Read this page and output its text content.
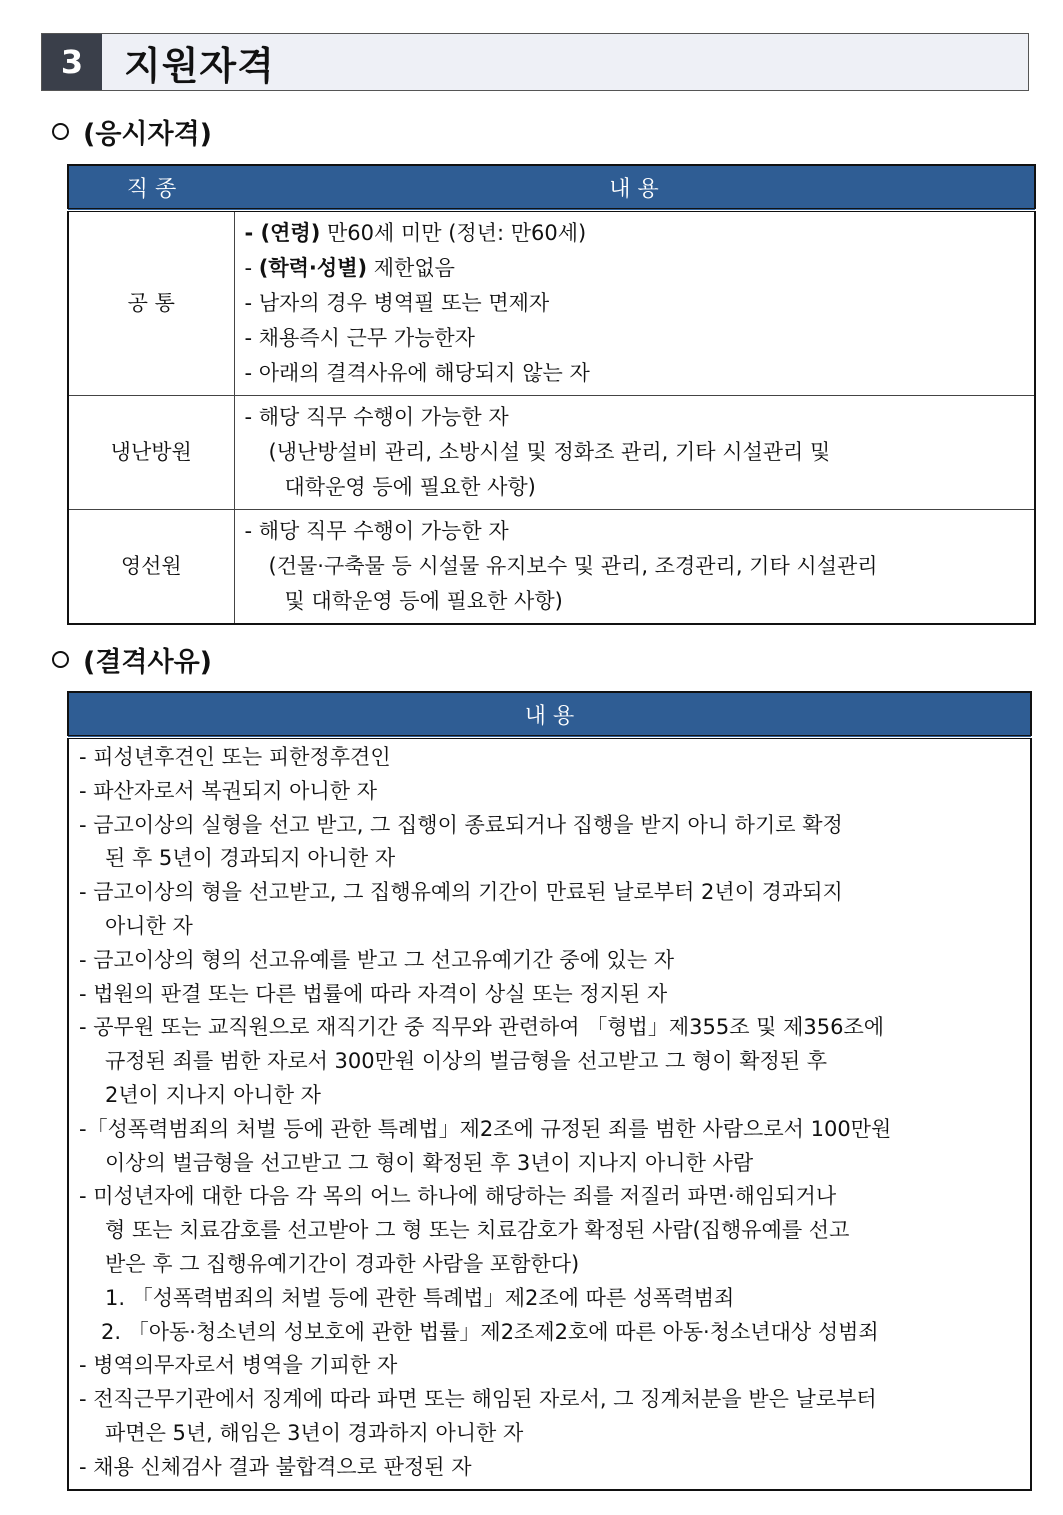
3	지원자격
(응시자격)
직 종	내 용
공 통	- (연령) 만60세 미만 (정년: 만60세)
- (학력·성별) 제한없음
- 남자의 경우 병역필 또는 면제자
- 채용즉시 근무 가능한자
- 아래의 결격사유에 해당되지 않는 자

냉난방원	- 해당 직무 수행이 가능한 자
(냉난방설비 관리, 소방시설 및 정화조 관리, 기타 시설관리 및
대학운영 등에 필요한 사항)

영선원	- 해당 직무 수행이 가능한 자
(건물·구축물 등 시설물 유지보수 및 관리, 조경관리, 기타 시설관리
및 대학운영 등에 필요한 사항)
(결격사유)
내 용

- 피성년후견인 또는 피한정후견인
- 파산자로서 복권되지 아니한 자
- 금고이상의 실형을 선고 받고, 그 집행이 종료되거나 집행을 받지 아니 하기로 확정
된 후 5년이 경과되지 아니한 자
- 금고이상의 형을 선고받고, 그 집행유예의 기간이 만료된 날로부터 2년이 경과되지
아니한 자
- 금고이상의 형의 선고유예를 받고 그 선고유예기간 중에 있는 자
- 법원의 판결 또는 다른 법률에 따라 자격이 상실 또는 정지된 자
- 공무원 또는 교직원으로 재직기간 중 직무와 관련하여 「형법」제355조 및 제356조에
규정된 죄를 범한 자로서 300만원 이상의 벌금형을 선고받고 그 형이 확정된 후
2년이 지나지 아니한 자
-「성폭력범죄의 처벌 등에 관한 특례법」제2조에 규정된 죄를 범한 사람으로서 100만원
이상의 벌금형을 선고받고 그 형이 확정된 후 3년이 지나지 아니한 사람
- 미성년자에 대한 다음 각 목의 어느 하나에 해당하는 죄를 저질러 파면·해임되거나
형 또는 치료감호를 선고받아 그 형 또는 치료감호가 확정된 사람(집행유예를 선고
받은 후 그 집행유예기간이 경과한 사람을 포함한다)
1. 「성폭력범죄의 처벌 등에 관한 특례법」제2조에 따른 성폭력범죄
2. 「아동·청소년의 성보호에 관한 법률」제2조제2호에 따른 아동·청소년대상 성범죄
- 병역의무자로서 병역을 기피한 자
- 전직근무기관에서 징계에 따라 파면 또는 해임된 자로서, 그 징계처분을 받은 날로부터
파면은 5년, 해임은 3년이 경과하지 아니한 자
- 채용 신체검사 결과 불합격으로 판정된 자
